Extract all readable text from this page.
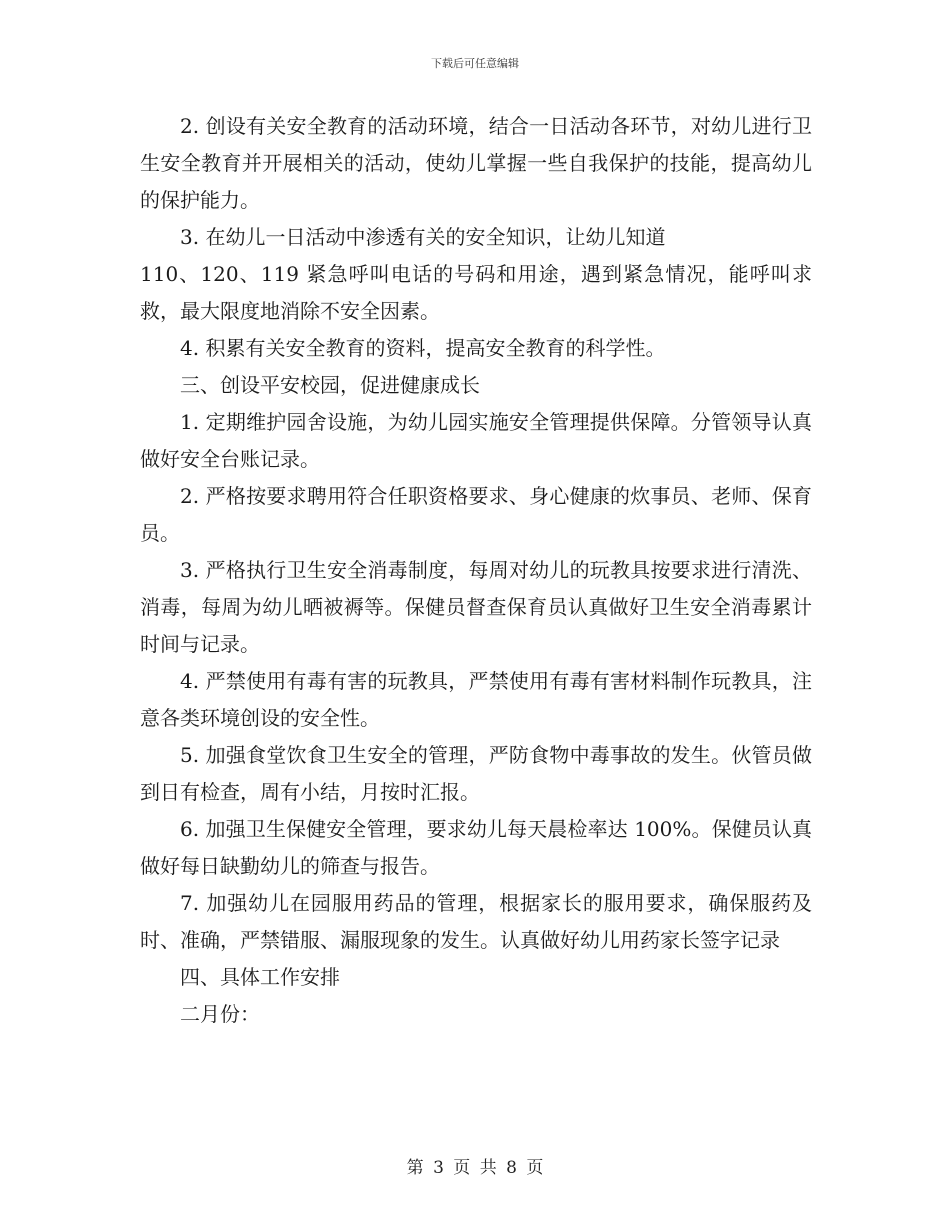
下载后可任意编辑

2. 创设有关安全教育的活动环境，结合一日活动各环节，对幼儿进行卫生安全教育并开展相关的活动，使幼儿掌握一些自我保护的技能，提高幼儿的保护能力。

3. 在幼儿一日活动中渗透有关的安全知识，让幼儿知道

110、120、119 紧急呼叫电话的号码和用途，遇到紧急情况，能呼叫求救，最大限度地消除不安全因素。

4. 积累有关安全教育的资料，提高安全教育的科学性。

三、创设平安校园，促进健康成长

1. 定期维护园舍设施，为幼儿园实施安全管理提供保障。分管领导认真做好安全台账记录。

2. 严格按要求聘用符合任职资格要求、身心健康的炊事员、老师、保育员。

3. 严格执行卫生安全消毒制度，每周对幼儿的玩教具按要求进行清洗、消毒，每周为幼儿晒被褥等。保健员督查保育员认真做好卫生安全消毒累计时间与记录。

4. 严禁使用有毒有害的玩教具，严禁使用有毒有害材料制作玩教具，注意各类环境创设的安全性。

5. 加强食堂饮食卫生安全的管理，严防食物中毒事故的发生。伙管员做到日有检查，周有小结，月按时汇报。

6. 加强卫生保健安全管理，要求幼儿每天晨检率达 100%。保健员认真做好每日缺勤幼儿的筛查与报告。

7. 加强幼儿在园服用药品的管理，根据家长的服用要求，确保服药及时、准确，严禁错服、漏服现象的发生。认真做好幼儿用药家长签字记录

四、具体工作安排

二月份：

第 3 页 共 8 页
